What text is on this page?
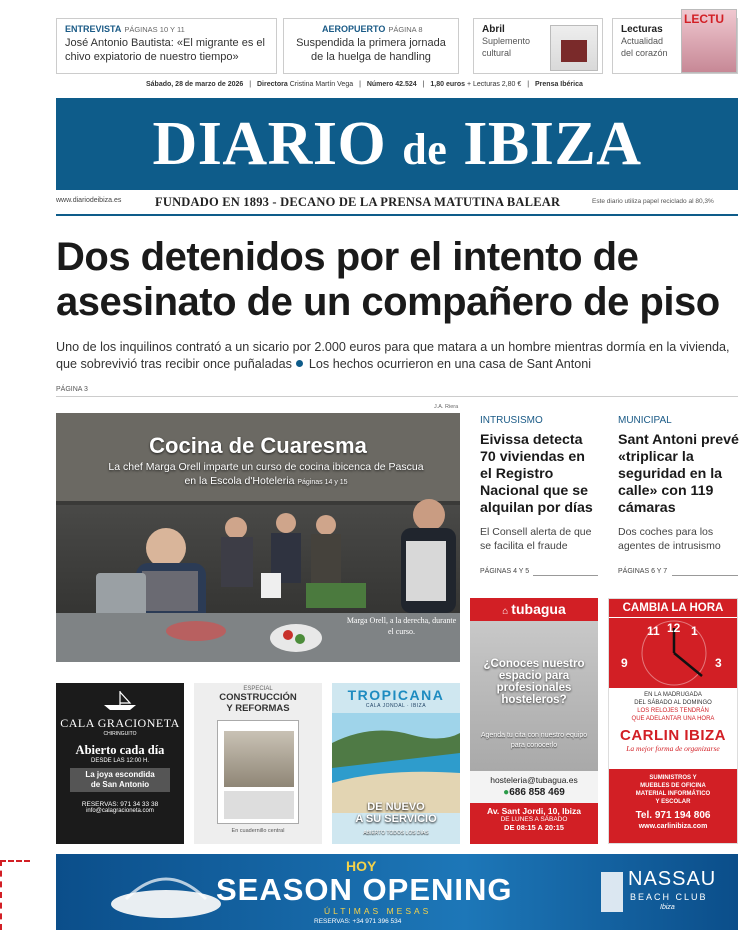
ENTREVISTA PÁGINAS 10 Y 11
José Antonio Bautista: «El migrante es el chivo expiatorio de nuestro tiempo»
AEROPUERTO PÁGINA 8
Suspendida la primera jornada de la huelga de handling
Abril
Suplemento cultural
Lecturas
Actualidad del corazón
LECTU
Sábado, 28 de marzo de 2026 | Directora Cristina Martín Vega | Número 42.524 | 1,80 euros + Lecturas 2,80 € | Prensa Ibérica
DIARIO de IBIZA
www.diariodeibiza.es	FUNDADO EN 1893 - DECANO DE LA PRENSA MATUTINA BALEAR	Este diario utiliza papel reciclado al 80,3%
Dos detenidos por el intento de asesinato de un compañero de piso
Uno de los inquilinos contrató a un sicario por 2.000 euros para que matara a un hombre mientras dormía en la vivienda, que sobrevivió tras recibir once puñaladas Los hechos ocurrieron en una casa de Sant Antoni
PÁGINA 3
J.A. Riera
Cocina de Cuaresma
La chef Marga Orell imparte un curso de cocina ibicenca de Pascua en la Escola d'Hoteleria Páginas 14 y 15
Marga Orell, a la derecha, durante el curso.
INTRUSISMO
Eivissa detecta 70 viviendas en el Registro Nacional que se alquilan por días
El Consell alerta de que se facilita el fraude
PÁGINAS 4 Y 5
MUNICIPAL
Sant Antoni prevé «triplicar la seguridad en la calle» con 119 cámaras
Dos coches para los agentes de intrusismo
PÁGINAS 6 Y 7
CALA GRACIONETA
CHIRINGUITO
Abierto cada día
DESDE LAS 12:00 H.
La joya escondida
de San Antonio
RESERVAS: 971 34 33 38
info@calagracioneta.com
ESPECIAL
CONSTRUCCIÓN
Y REFORMAS
En cuadernillo central
TROPICANA
CALA JONDAL · IBIZA
DE NUEVO
A SU SERVICIO
ABIERTO TODOS LOS DÍAS
⌂ tubagua
¿Conoces nuestro espacio para profesionales hosteleros?
Agenda tu cita con nuestro equipo para conocerlo
hosteleria@tubagua.es
●686 858 469
Av. Sant Jordi, 10, Ibiza
DE LUNES A SÁBADO
DE 08:15 A 20:15
CAMBIA LA HORA
11 12 1
9	3
EN LA MADRUGADA
DEL SÁBADO AL DOMINGO
LOS RELOJES TENDRÁN
QUE ADELANTAR UNA HORA
CARLIN IBIZA
La mejor forma de organizarse
SUMINISTROS Y
MUEBLES DE OFICINA
MATERIAL INFORMÁTICO
Y ESCOLAR
Tel. 971 194 806
www.carlinibiza.com
HOY
SEASON OPENING
ÚLTIMAS MESAS
RESERVAS: +34 971 396 534
NASSAU
BEACH CLUB
Ibiza
